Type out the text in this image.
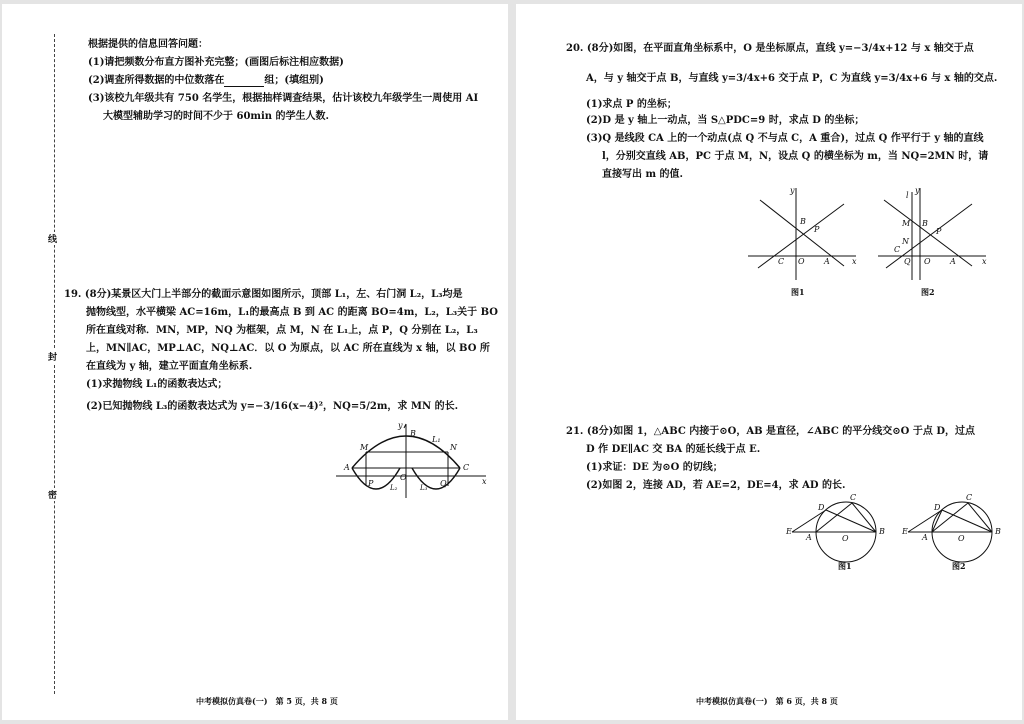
线
封
密
根据提供的信息回答问题：
(1)请把频数分布直方图补充完整；(画图后标注相应数据)
(2)调查所得数据的中位数落在	组；(填组别)
(3)该校九年级共有 750 名学生，根据抽样调查结果，估计该校九年级学生一周使用 AI
大模型辅助学习的时间不少于 60min 的学生人数.
19. (8分)某景区大门上半部分的截面示意图如图所示，顶部 L₁，左、右门洞 L₂，L₃均是
抛物线型，水平横梁 AC=16m，L₁的最高点 B 到 AC 的距离 BO=4m，L₂，L₃关于 BO
所在直线对称．MN，MP，NQ 为框架，点 M，N 在 L₁上，点 P，Q 分别在 L₂，L₃
上，MN∥AC，MP⊥AC，NQ⊥AC．以 O 为原点，以 AC 所在直线为 x 轴，以 BO 所
在直线为 y 轴，建立平面直角坐标系.
(1)求抛物线 L₁的函数表达式；
(2)已知抛物线 L₃的函数表达式为 y=−3/16(x−4)²，NQ=5/2m，求 MN 的长.
y
B
L₁
M	N
A	C
O	x
P	Q
L₂	L₃
中考模拟仿真卷(一)　第 5 页，共 8 页
20. (8分)如图，在平面直角坐标系中，O 是坐标原点，直线 y=−3/4x+12 与 x 轴交于点
A，与 y 轴交于点 B，与直线 y=3/4x+6 交于点 P，C 为直线 y=3/4x+6 与 x 轴的交点.
(1)求点 P 的坐标；
(2)D 是 y 轴上一动点，当 S△PDC=9 时，求点 D 的坐标；
(3)Q 是线段 CA 上的一个动点(点 Q 不与点 C，A 重合)，过点 Q 作平行于 y 轴的直线
l，分别交直线 AB，PC 于点 M，N，设点 Q 的横坐标为 m，当 NQ=2MN 时，请
直接写出 m 的值.
y
B
P
C O A	x
图1
y
l
M B
P
N
C
Q O A	x
图2
21. (8分)如图 1，△ABC 内接于⊙O，AB 是直径，∠ABC 的平分线交⊙O 于点 D，过点
D 作 DE∥AC 交 BA 的延长线于点 E.
(1)求证：DE 为⊙O 的切线；
(2)如图 2，连接 AD，若 AE=2，DE=4，求 AD 的长.
D
C
E
A	O
B
图1
D
C
E
A	O
B
图2
中考模拟仿真卷(一)　第 6 页，共 8 页
